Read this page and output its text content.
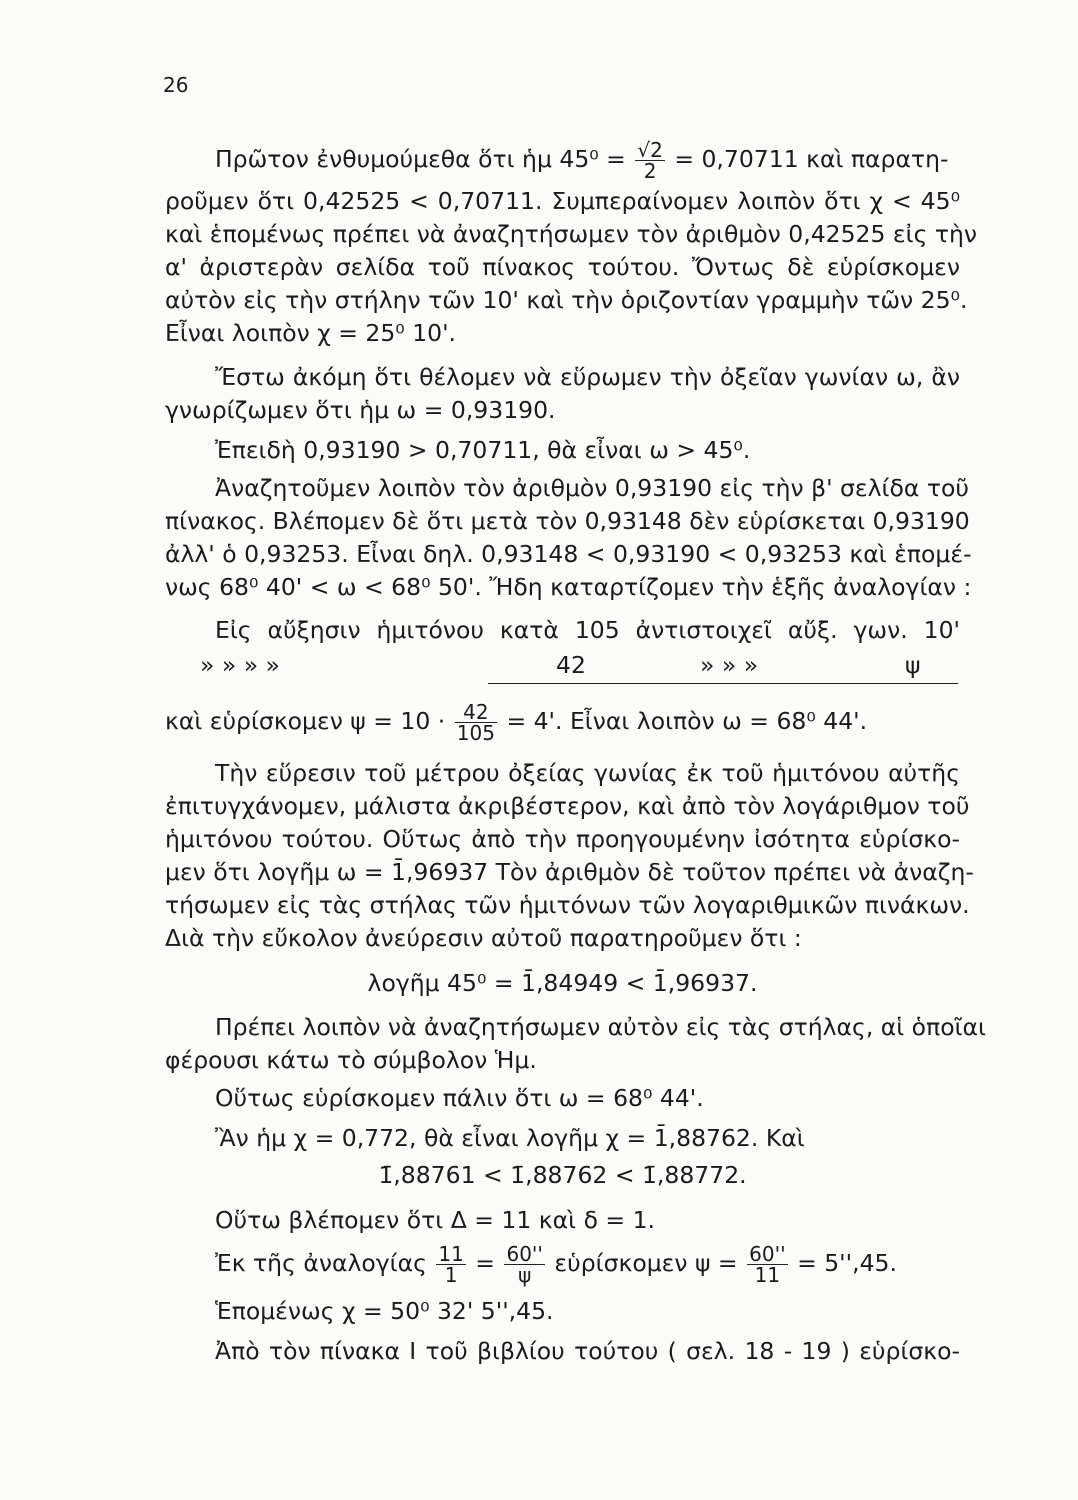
26
Πρῶτον ἐνθυμούμεθα ὅτι ἡμ $45^0 = \frac{√2}{2} = 0,70711$ καὶ παρατη-
ροῦμεν ὅτι 0,42525 < 0,70711. Συμπεραίνομεν λοιπὸν ὅτι χ < 45⁰
καὶ ἑπομένως πρέπει νὰ ἀναζητήσωμεν τὸν ἀριθμὸν 0,42525 εἰς τὴν
α' ἀριστερὰν σελίδα τοῦ πίνακος τούτου. Ὄντως δὲ εὑρίσκομεν
αὐτὸν εἰς τὴν στήλην τῶν 10' καὶ τὴν ὁριζοντίαν γραμμὴν τῶν 25⁰.
Εἶναι λοιπὸν χ = 25⁰ 10'.
Ἔστω ἀκόμη ὅτι θέλομεν νὰ εὕρωμεν τὴν ὀξεῖαν γωνίαν ω, ἂν
γνωρίζωμεν ὅτι ἡμ ω = 0,93190.
Ἐπειδὴ 0,93190 > 0,70711, θὰ εἶναι ω > 45⁰.
Ἀναζητοῦμεν λοιπὸν τὸν ἀριθμὸν 0,93190 εἰς τὴν β' σελίδα τοῦ
πίνακος. Βλέπομεν δὲ ὅτι μετὰ τὸν 0,93148 δὲν εὑρίσκεται 0,93190
ἀλλ' ὁ 0,93253. Εἶναι δηλ. 0,93148 < 0,93190 < 0,93253 καὶ ἑπομέ-
νως 68⁰ 40' < ω < 68⁰ 50'. Ἤδη καταρτίζομεν τὴν ἑξῆς ἀναλογίαν :
Εἰς αὔξησιν ἡμιτόνου κατὰ 105 ἀντιστοιχεῖ αὔξ. γων. 10'
» » » »	42	» » »	ψ
καὶ εὑρίσκομεν $\psi = 10 \cdot \frac{42}{105} = 4'$. Εἶναι λοιπὸν ω = 68⁰ 44'.
Τὴν εὕρεσιν τοῦ μέτρου ὀξείας γωνίας ἐκ τοῦ ἡμιτόνου αὐτῆς
ἐπιτυγχάνομεν, μάλιστα ἀκριβέστερον, καὶ ἀπὸ τὸν λογάριθμον τοῦ
ἡμιτόνου τούτου. Οὕτως ἀπὸ τὴν προηγουμένην ἰσότητα εὑρίσκο-
μεν ὅτι λογῆμ ω = 1̄,96937 Τὸν ἀριθμὸν δὲ τοῦτον πρέπει νὰ ἀναζη-
τήσωμεν εἰς τὰς στήλας τῶν ἡμιτόνων τῶν λογαριθμικῶν πινάκων.
Διὰ τὴν εὔκολον ἀνεύρεσιν αὐτοῦ παρατηροῦμεν ὅτι :
λογῆμ 45⁰ = 1̄,84949 < 1̄,96937.
Πρέπει λοιπὸν νὰ ἀναζητήσωμεν αὐτὸν εἰς τὰς στήλας, αἱ ὁποῖαι
φέρουσι κάτω τὸ σύμβολον Ἡμ.
Οὕτως εὑρίσκομεν πάλιν ὅτι ω = 68⁰ 44'.
Ἂν ἡμ χ = 0,772, θὰ εἶναι λογῆμ χ = 1̄,88762. Καὶ
1̄,88761 < 1̄,88762 < 1̄,88772.
Οὕτω βλέπομεν ὅτι Δ = 11 καὶ δ = 1.
Ἐκ τῆς ἀναλογίας $\frac{11}{1} = \frac{60''}{\psi}$ εὑρίσκομεν $\psi = \frac{60''}{11} = 5'',45$.
Ἑπομένως χ = 50⁰ 32' 5'',45.
Ἀπὸ τὸν πίνακα Ι τοῦ βιβλίου τούτου ( σελ. 18 - 19 ) εὑρίσκο-
